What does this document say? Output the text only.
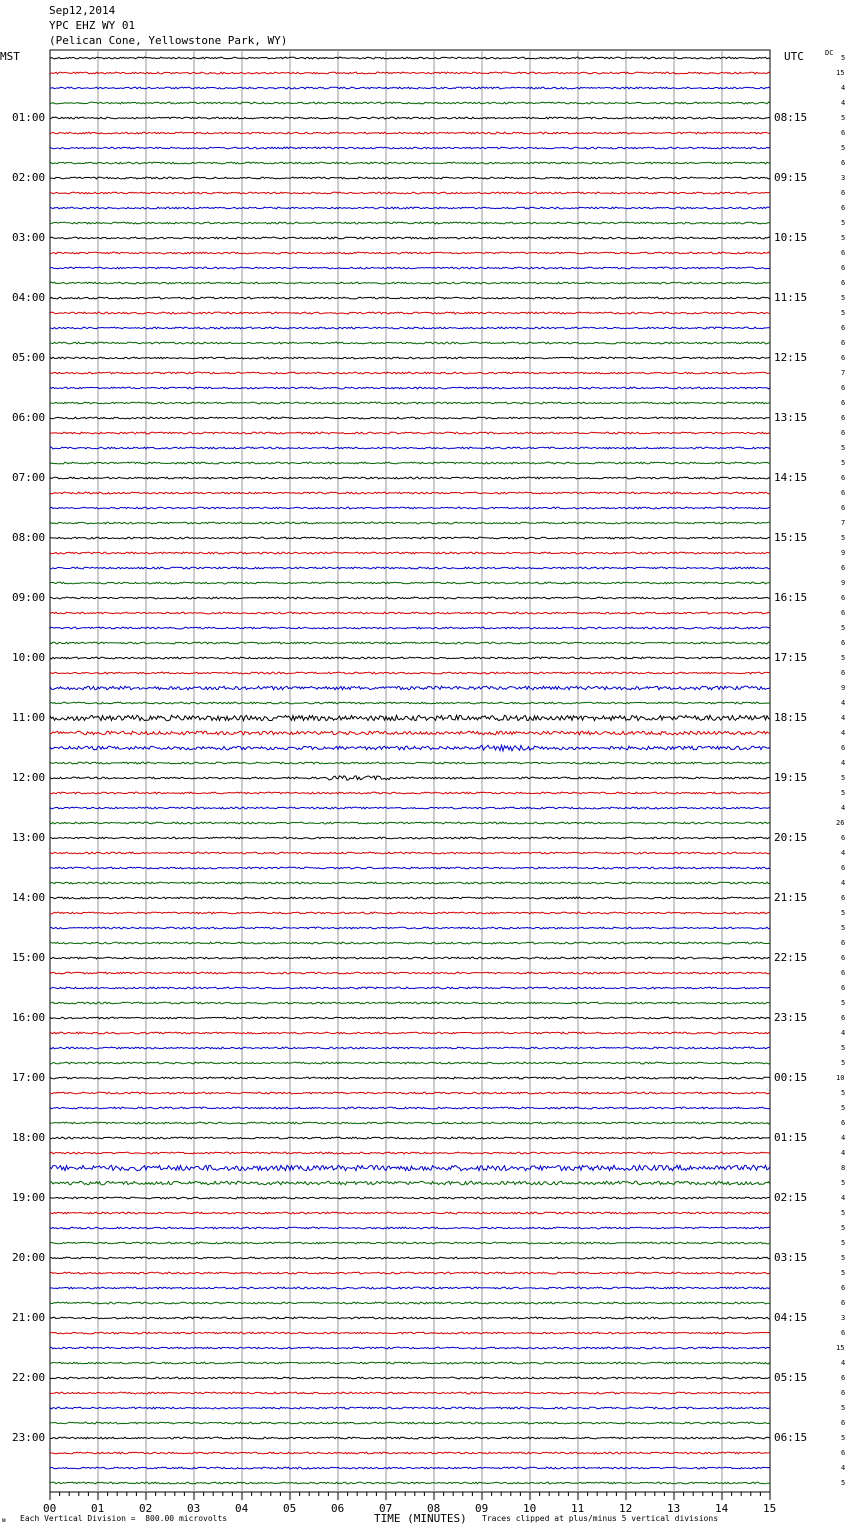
Sep12,2014
YPC EHZ WY 01
(Pelican Cone, Yellowstone Park, WY)
MST	UTC	DC
01:00
02:00
03:00
04:00
05:00
06:00
07:00
08:00
09:00
10:00
11:00
12:00
13:00
14:00
15:00
16:00
17:00
18:00
19:00
20:00
21:00
22:00
23:00
08:15
09:15
10:15
11:15
12:15
13:15
14:15
15:15
16:15
17:15
18:15
19:15
20:15
21:15
22:15
23:15
00:15
01:15
02:15
03:15
04:15
05:15
06:15
5
15
4
4
5
6
5
6
3
6
6
5
5
6
6
6
5
5
6
6
6
7
6
6
6
6
5
5
6
6
6
7
5
9
6
9
6
6
5
6
5
6
9
4
4
4
6
4
5
5
4
26
6
4
6
4
6
5
5
6
6
6
6
5
6
4
5
5
10
5
5
6
4
4
8
5
4
5
5
5
5
5
6
6
3
6
15
4
6
6
5
6
5
6
4
5
00	01	02	03	04	05	06	07	08	09	10	11	12	13	14	15
ᴍ Each Vertical Division =  800.00 microvolts	TIME (MINUTES) Traces clipped at plus/minus 5 vertical divisions
